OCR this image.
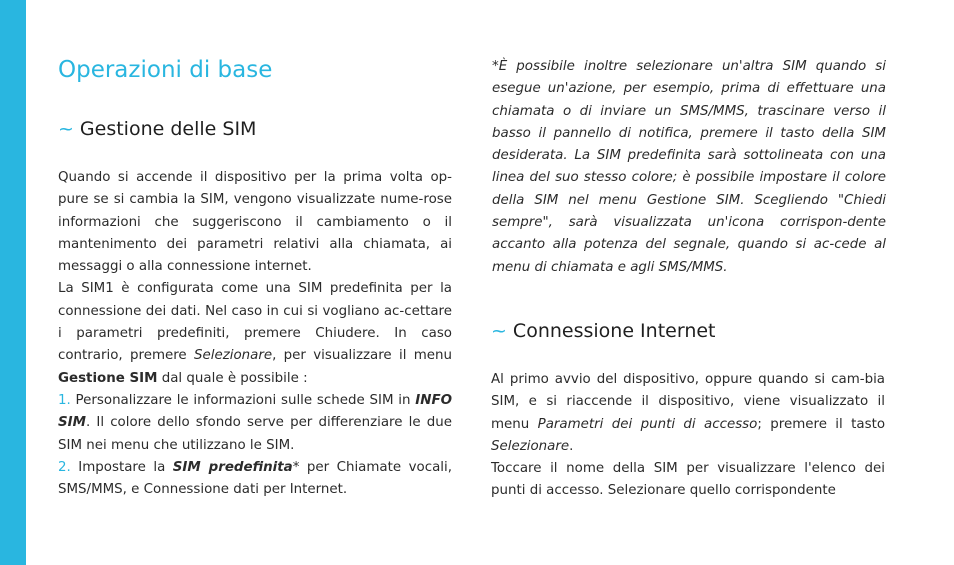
Operazioni di base
~ Gestione delle SIM

Quando si accende il dispositivo per la prima volta op-pure se si cambia la SIM, vengono visualizzate nume-rose informazioni che suggeriscono il cambiamento o il mantenimento dei parametri relativi alla chiamata, ai messaggi o alla connessione internet.

La SIM1 è configurata come una SIM predefinita per la connessione dei dati. Nel caso in cui si vogliano ac-cettare i parametri predefiniti, premere Chiudere. In caso contrario, premere Selezionare, per visualizzare il menu Gestione SIM dal quale è possibile :

1. Personalizzare le informazioni sulle schede SIM in INFO SIM. Il colore dello sfondo serve per differenziare le due SIM nei menu che utilizzano le SIM.

2. Impostare la SIM predefinita* per Chiamate vocali, SMS/MMS, e Connessione dati per Internet.

*È possibile inoltre selezionare un'altra SIM quando si esegue un'azione, per esempio, prima di effettuare una chiamata o di inviare un SMS/MMS, trascinare verso il basso il pannello di notifica, premere il tasto della SIM desiderata. La SIM predefinita sarà sottolineata con una linea del suo stesso colore; è possibile impostare il colore della SIM nel menu Gestione SIM. Scegliendo "Chiedi sempre", sarà visualizzata un'icona corrispon-dente accanto alla potenza del segnale, quando si ac-cede al menu di chiamata e agli SMS/MMS.

~ Connessione Internet

Al primo avvio del dispositivo, oppure quando si cam-bia SIM, e si riaccende il dispositivo, viene visualizzato il menu Parametri dei punti di accesso; premere il tasto Selezionare.

Toccare il nome della SIM per visualizzare l'elenco dei punti di accesso. Selezionare quello corrispondente
